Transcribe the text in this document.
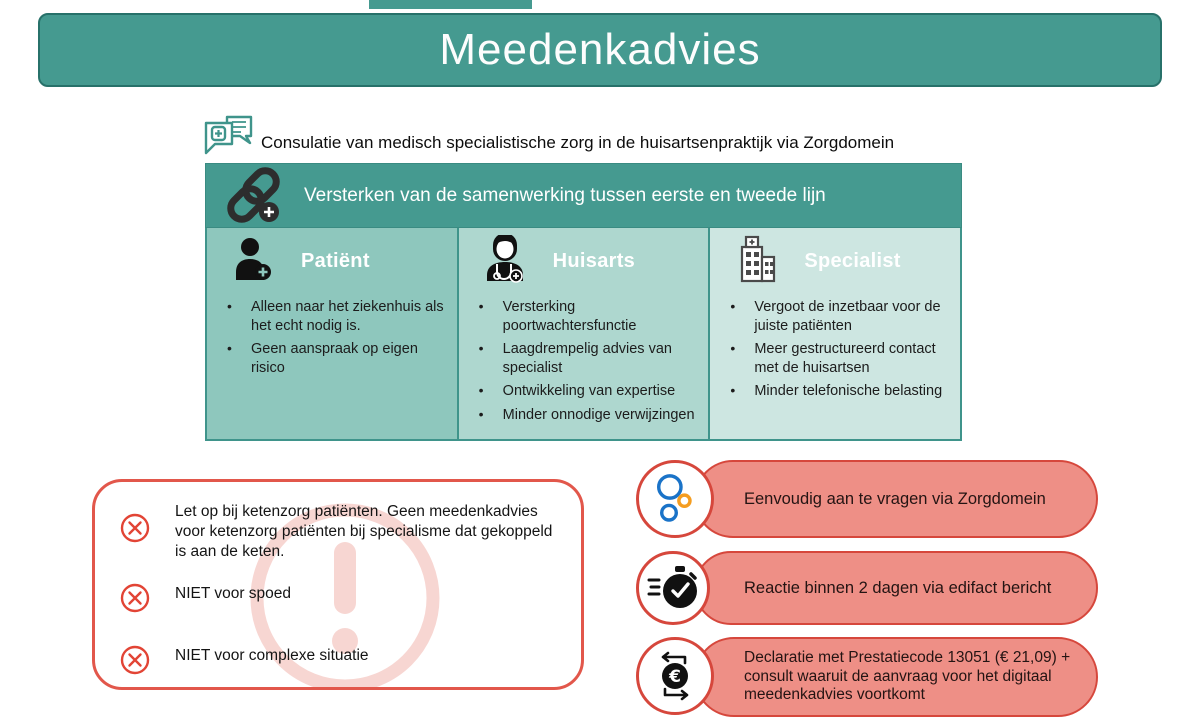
Meedenkadvies
Consulatie van medisch specialistische zorg in de huisartsenpraktijk via Zorgdomein
Versterken van de samenwerking tussen eerste en tweede lijn
Patiënt
• Alleen naar het ziekenhuis als het echt nodig is.
• Geen aanspraak op eigen risico
Huisarts
• Versterking poortwachtersfunctie
• Laagdrempelig advies van specialist
• Ontwikkeling van expertise
• Minder onnodige verwijzingen
Specialist
• Vergoot de inzetbaar voor de juiste patiënten
• Meer gestructureerd contact met de huisartsen
• Minder telefonische belasting
Let op bij ketenzorg patiënten. Geen meedenkadvies voor ketenzorg patiënten bij specialisme dat gekoppeld is aan de keten.
NIET voor spoed
NIET voor complexe situatie
Eenvoudig aan te vragen via Zorgdomein
Reactie binnen 2 dagen via edifact bericht
€
Declaratie met Prestatiecode 13051 (€ 21,09) + consult waaruit de aanvraag voor het digitaal meedenkadvies voortkomt
